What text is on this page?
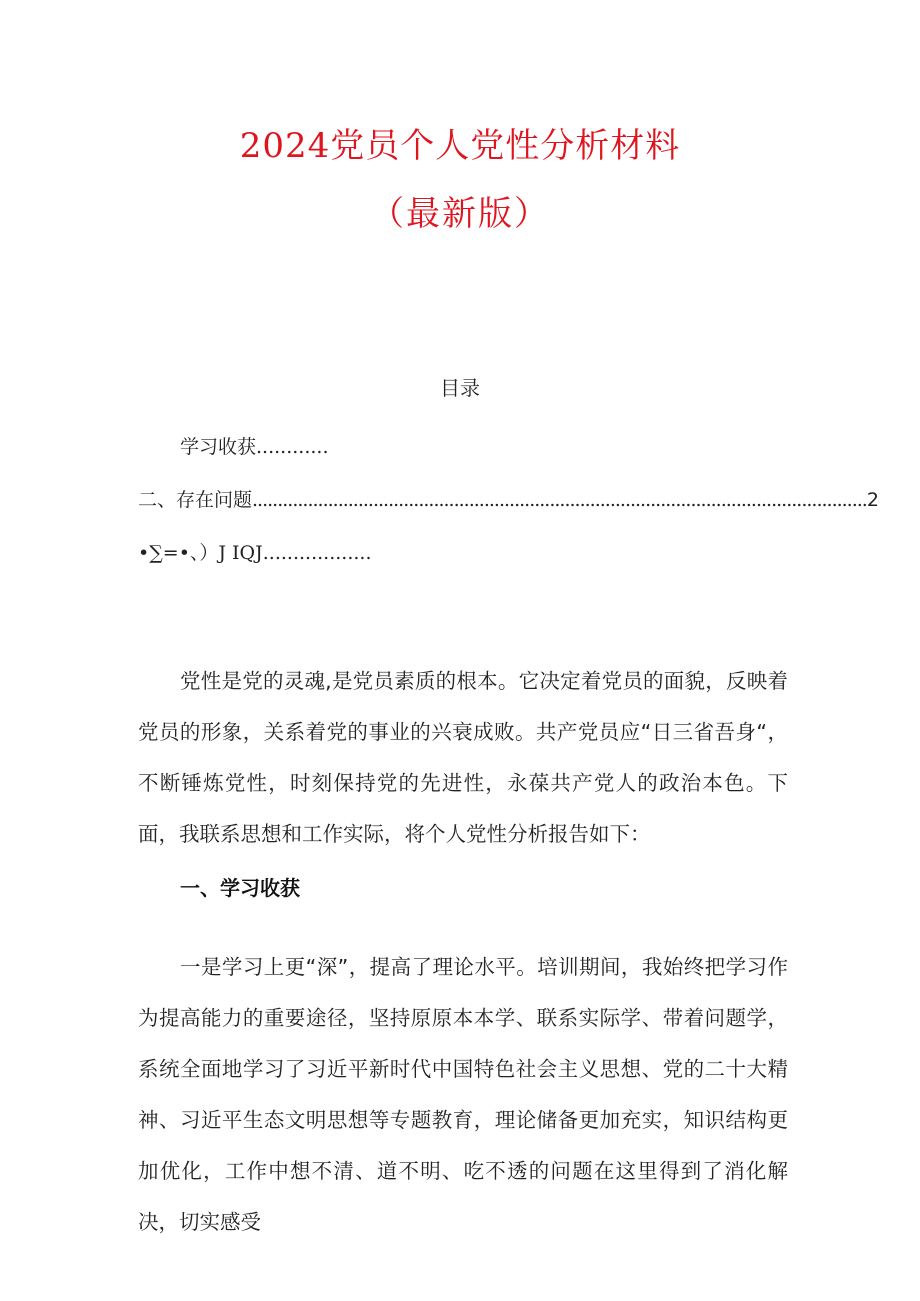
2024党员个人党性分析材料
（最新版）
目录
学习收获 ............
二、存在问题 .......................................................................................................................... 2
•∑=•、）J IQJ ..................

党性是党的灵魂,是党员素质的根本。它决定着党员的面貌，反映着党员的形象，关系着党的事业的兴衰成败。共产党员应“日三省吾身“，不断锤炼党性，时刻保持党的先进性，永葆共产党人的政治本色。下面，我联系思想和工作实际，将个人党性分析报告如下：

一、学习收获

一是学习上更“深”，提高了理论水平。培训期间，我始终把学习作为提高能力的重要途径，坚持原原本本学、联系实际学、带着问题学，系统全面地学习了习近平新时代中国特色社会主义思想、党的二十大精神、习近平生态文明思想等专题教育，理论储备更加充实，知识结构更加优化，工作中想不清、道不明、吃不透的问题在这里得到了消化解决，切实感受
